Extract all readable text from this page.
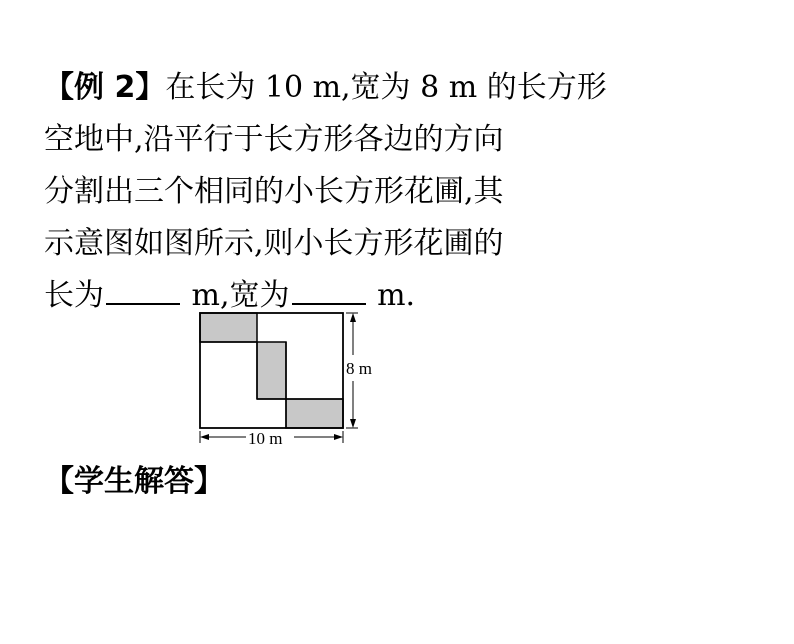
【例 2】在长为 10 m,宽为 8 m 的长方形
空地中,沿平行于长方形各边的方向
分割出三个相同的小长方形花圃,其
示意图如图所示,则小长方形花圃的
长为	m,宽为	m.
8 m
10 m
【学生解答】
